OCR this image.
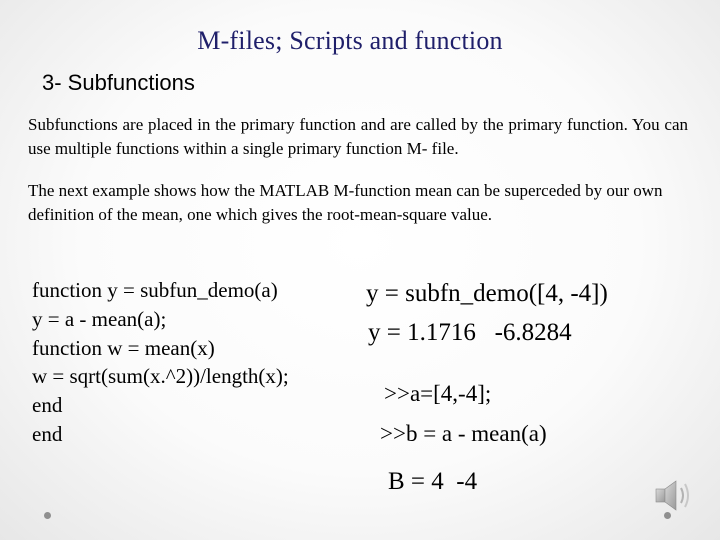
M-files; Scripts and function
3- Subfunctions
Subfunctions are placed in the primary function and are called by the primary function. You can use multiple functions within a single primary function M- file.
The next example shows how the MATLAB M-function mean can be superceded by our own definition of the mean, one which gives the root-mean-square value.
function y = subfun_demo(a)
y = a - mean(a);
function w = mean(x)
w = sqrt(sum(x.^2))/length(x);
end
end
y = subfn_demo([4, -4])
y = 1.1716   -6.8284
>>a=[4,-4];
>>b = a - mean(a)
B = 4  -4
